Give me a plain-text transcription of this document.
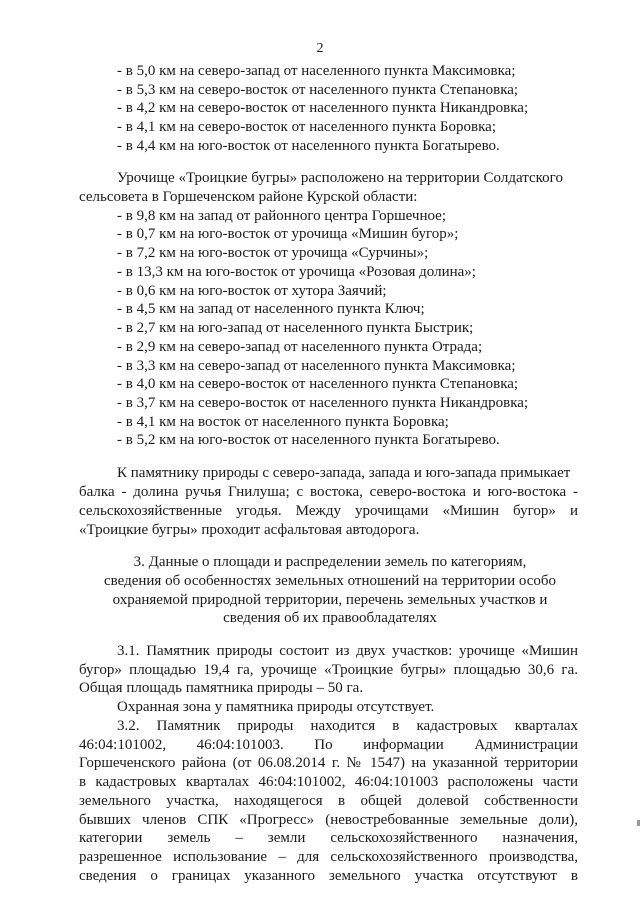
2
- в 5,0 км на северо-запад от населенного пункта Максимовка;
- в 5,3 км на северо-восток от населенного пункта Степановка;
- в 4,2 км на северо-восток от населенного пункта Никандровка;
- в 4,1 км на северо-восток от населенного пункта Боровка;
- в 4,4 км на юго-восток от населенного пункта Богатырево.
Урочище «Троицкие бугры» расположено на территории Солдатского
сельсовета в Горшеченском районе Курской области:
- в 9,8 км на запад от районного центра Горшечное;
- в 0,7 км на юго-восток от урочища «Мишин бугор»;
- в 7,2 км на юго-восток от урочища «Сурчины»;
- в 13,3 км на юго-восток от урочища «Розовая долина»;
- в 0,6 км на юго-восток от хутора Заячий;
- в 4,5 км на запад от населенного пункта Ключ;
- в 2,7 км на юго-запад от населенного пункта Быстрик;
- в 2,9 км на северо-запад от населенного пункта Отрада;
- в 3,3 км на северо-запад от населенного пункта Максимовка;
- в 4,0 км на северо-восток от населенного пункта Степановка;
- в 3,7 км на северо-восток от населенного пункта Никандровка;
- в 4,1 км на восток от населенного пункта Боровка;
- в 5,2 км на юго-восток от населенного пункта Богатырево.
К памятнику природы с северо-запада, запада и юго-запада примыкает
балка - долина ручья Гнилуша; с востока, северо-востока и юго-востока -
сельскохозяйственные угодья. Между урочищами «Мишин бугор» и
«Троицкие бугры» проходит асфальтовая автодорога.
3. Данные о площади и распределении земель по категориям,
сведения об особенностях земельных отношений на территории особо
охраняемой природной территории, перечень земельных участков и
сведения об их правообладателях
3.1. Памятник природы состоит из двух участков: урочище «Мишин
бугор» площадью 19,4 га, урочище «Троицкие бугры» площадью 30,6 га.
Общая площадь памятника природы – 50 га.
Охранная зона у памятника природы отсутствует.
3.2. Памятник природы находится в кадастровых кварталах
46:04:101002, 46:04:101003. По информации Администрации
Горшеченского района (от 06.08.2014 г. № 1547) на указанной территории
в кадастровых кварталах 46:04:101002, 46:04:101003 расположены части
земельного участка, находящегося в общей долевой собственности
бывших членов СПК «Прогресс» (невостребованные земельные доли),
категории земель – земли сельскохозяйственного назначения,
разрешенное использование – для сельскохозяйственного производства,
сведения о границах указанного земельного участка отсутствуют в
